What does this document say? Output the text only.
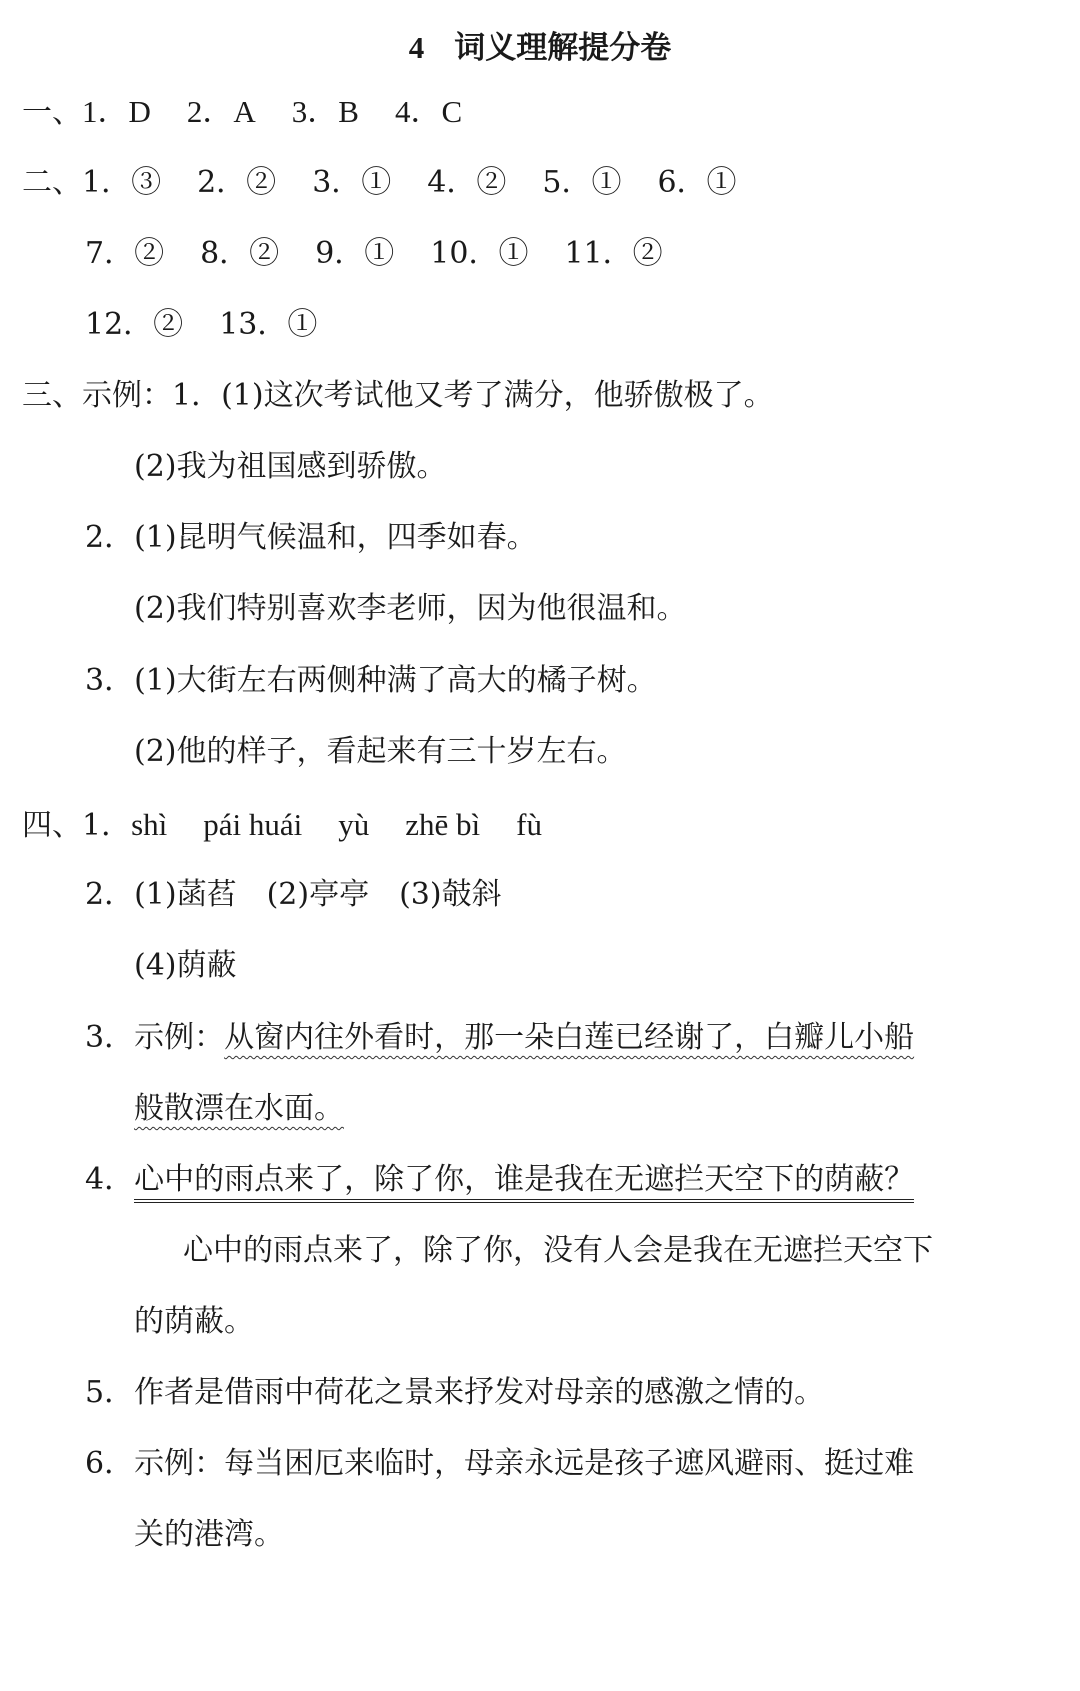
4 词义理解提分卷
一、1．D 2．A 3．B 4．C
二、1．③ 2．② 3．① 4．② 5．① 6．①
7．② 8．② 9．① 10．① 11．②
12．② 13．①
三、示例：1．(1)这次考试他又考了满分，他骄傲极了。
(2)我为祖国感到骄傲。
2．(1)昆明气候温和，四季如春。
(2)我们特别喜欢李老师，因为他很温和。
3．(1)大街左右两侧种满了高大的橘子树。
(2)他的样子，看起来有三十岁左右。
四、1．shì pái huái yù zhē bì fù
2．(1)菡萏　(2)亭亭　(3)攲斜
(4)荫蔽
3．示例：从窗内往外看时，那一朵白莲已经谢了，白瓣儿小船
般散漂在水面。
4．心中的雨点来了，除了你，谁是我在无遮拦天空下的荫蔽？
心中的雨点来了，除了你，没有人会是我在无遮拦天空下
的荫蔽。
5．作者是借雨中荷花之景来抒发对母亲的感激之情的。
6．示例：每当困厄来临时，母亲永远是孩子遮风避雨、挺过难
关的港湾。
